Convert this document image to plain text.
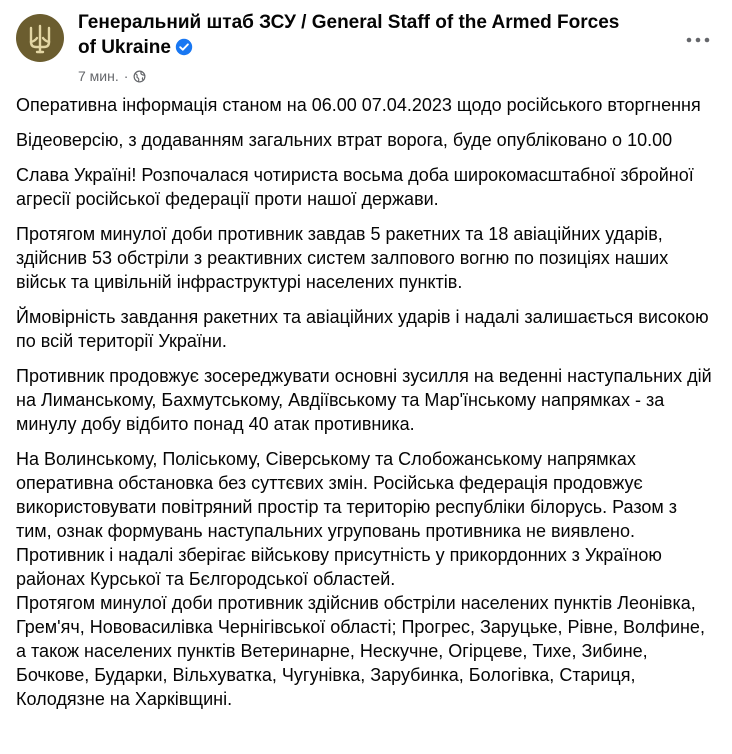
Генеральний штаб ЗСУ / General Staff of the Armed Forces of Ukraine
7 мин. ·

Оперативна інформація станом на 06.00 07.04.2023 щодо російського вторгнення

Відеоверсію, з додаванням загальних втрат ворога, буде опубліковано о 10.00

Слава Україні! Розпочалася чотириста восьма доба широкомасштабної збройної агресії російської федерації проти нашої держави.

Протягом минулої доби противник завдав 5 ракетних та 18 авіаційних ударів, здійснив 53 обстріли з реактивних систем залпового вогню по позиціях наших військ та цивільній інфраструктурі населених пунктів.

Ймовірність завдання ракетних та авіаційних ударів і надалі залишається високою по всій території України.

Противник продовжує зосереджувати основні зусилля на веденні наступальних дій на Лиманському, Бахмутському, Авдіївському та Мар'їнському напрямках - за минулу добу відбито понад 40 атак противника.

На Волинському, Поліському, Сіверському та Слобожанському напрямках оперативна обстановка без суттєвих змін. Російська федерація продовжує використовувати повітряний простір та територію республіки білорусь. Разом з тим, ознак формувань наступальних угруповань противника не виявлено. Противник і надалі зберігає військову присутність у прикордонних з Україною районах Курської та Бєлгородської областей.

Протягом минулої доби противник здійснив обстріли населених пунктів Леонівка, Грем'яч, Нововасилівка Чернігівської області; Прогрес, Заруцьке, Рівне, Волфине, а також населених пунктів Ветеринарне, Нескучне, Огірцеве, Тихе, Зибине, Бочкове, Бударки, Вільхуватка, Чугунівка, Зарубинка, Бологівка, Стариця, Колодязне на Харківщині.
